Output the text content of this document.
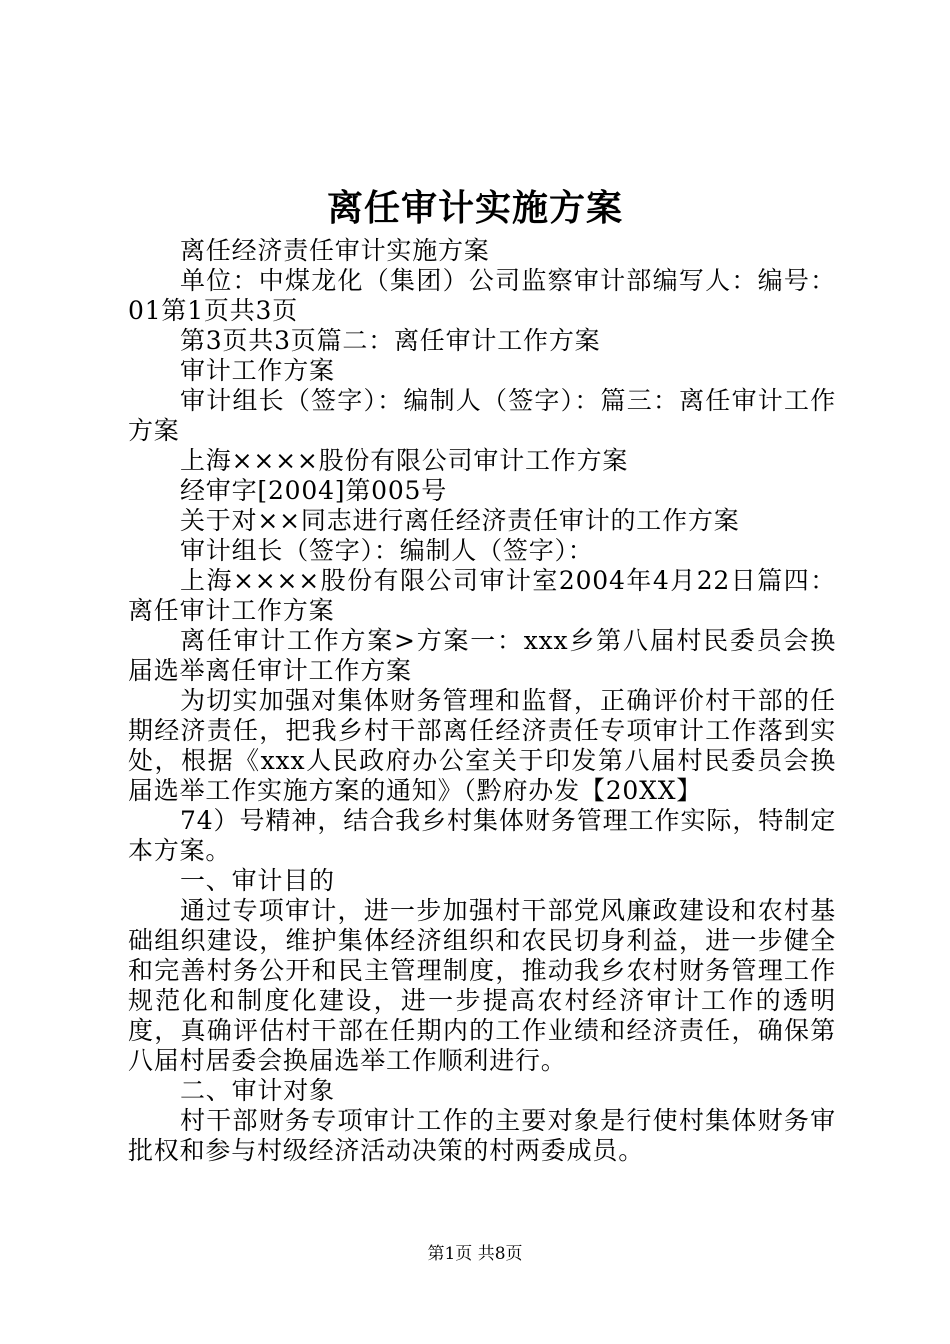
离任审计实施方案

离任经济责任审计实施方案

单位：中煤龙化（集团）公司监察审计部编写人：编号：01第1页共3页

第3页共3页篇二：离任审计工作方案

审计工作方案

审计组长（签字）：编制人（签字）：篇三：离任审计工作方案

上海××××股份有限公司审计工作方案

经审字[2004]第005号

关于对××同志进行离任经济责任审计的工作方案

审计组长（签字）：编制人（签字）：

上海××××股份有限公司审计室2004年4月22日篇四：离任审计工作方案

离任审计工作方案>方案一：xxx乡第八届村民委员会换届选举离任审计工作方案

为切实加强对集体财务管理和监督，正确评价村干部的任期经济责任，把我乡村干部离任经济责任专项审计工作落到实处，根据《xxx人民政府办公室关于印发第八届村民委员会换届选举工作实施方案的通知》（黔府办发【20XX】

74）号精神，结合我乡村集体财务管理工作实际，特制定本方案。

一、审计目的

通过专项审计，进一步加强村干部党风廉政建设和农村基础组织建设，维护集体经济组织和农民切身利益，进一步健全和完善村务公开和民主管理制度，推动我乡农村财务管理工作规范化和制度化建设，进一步提高农村经济审计工作的透明度，真确评估村干部在任期内的工作业绩和经济责任，确保第八届村居委会换届选举工作顺利进行。

二、审计对象

村干部财务专项审计工作的主要对象是行使村集体财务审批权和参与村级经济活动决策的村两委成员。

第1页 共8页
